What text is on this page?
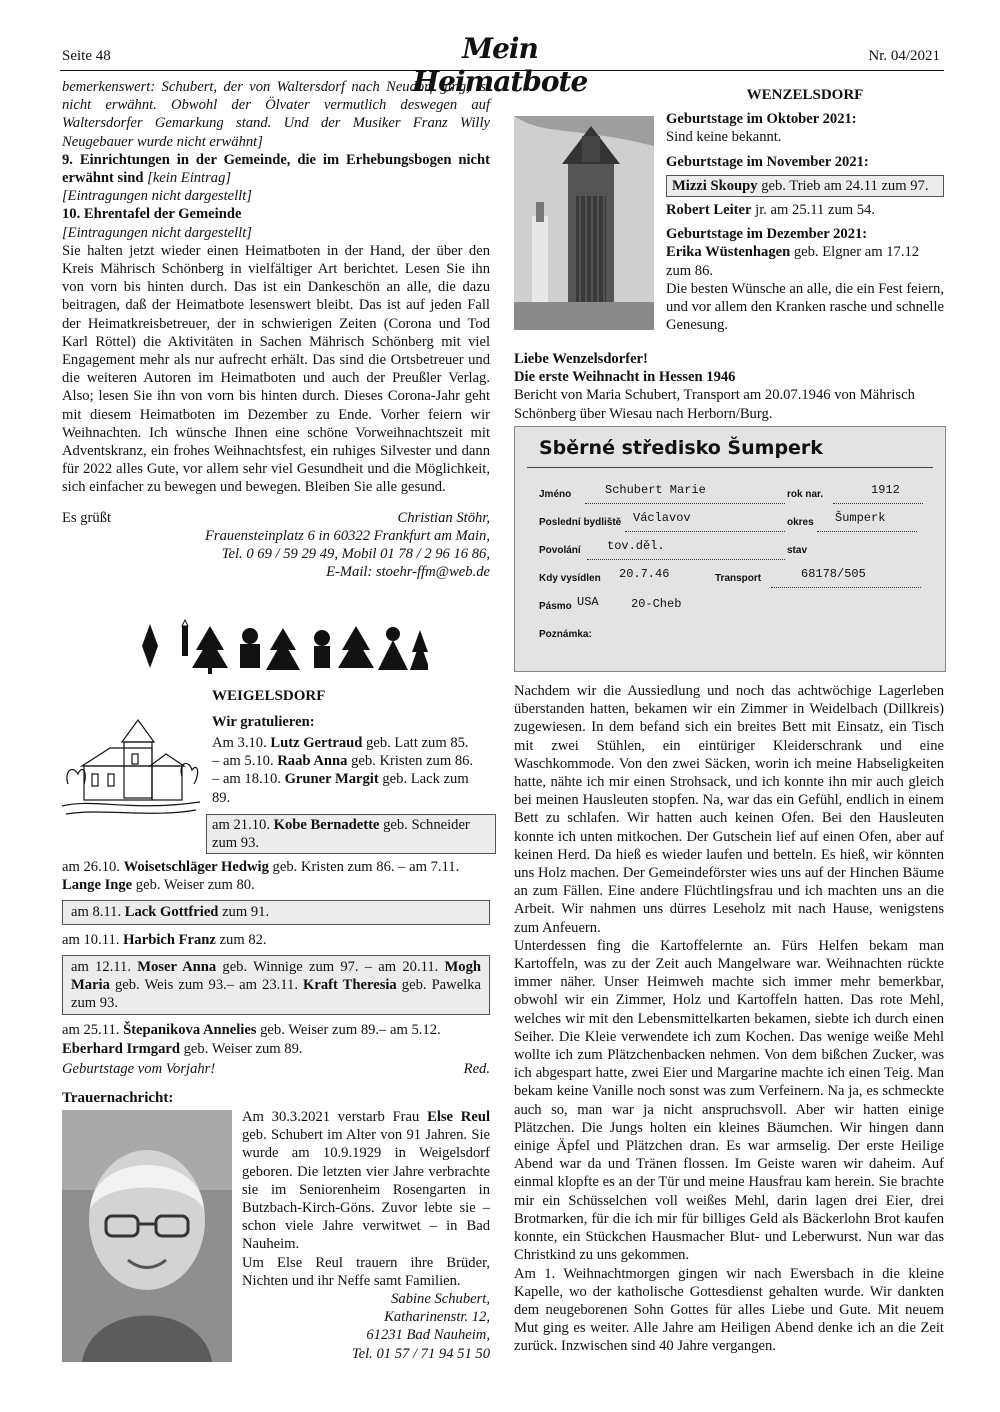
Seite 48	Mein Heimatbote
Nr. 04/2021

bemerkenswert: Schubert, der von Waltersdorf nach Neudorf ging, ist nicht erwähnt. Obwohl der Ölvater vermutlich deswegen auf Waltersdorfer Gemarkung stand. Und der Musiker Franz Willy Neugebauer wurde nicht erwähnt]

9. Einrichtungen in der Gemeinde, die im Erhebungsbogen nicht erwähnt sind [kein Eintrag]

[Eintragungen nicht dargestellt]

10. Ehrentafel der Gemeinde

[Eintragungen nicht dargestellt]

Sie halten jetzt wieder einen Heimatboten in der Hand, der über den Kreis Mährisch Schönberg in vielfältiger Art berichtet. Lesen Sie ihn von vorn bis hinten durch. Das ist ein Dankeschön an alle, die dazu beitragen, daß der Heimatbote lesenswert bleibt. Das ist auf jeden Fall der Heimatkreisbetreuer, der in schwierigen Zeiten (Corona und Tod Karl Röttel) die Aktivitäten in Sachen Mährisch Schönberg mit viel Engagement mehr als nur aufrecht erhält. Das sind die Ortsbetreuer und die weiteren Autoren im Heimatboten und auch der Preußler Verlag. Also; lesen Sie ihn von vorn bis hinten durch. Dieses Corona-Jahr geht mit diesem Heimatboten im Dezember zu Ende. Vorher feiern wir Weihnachten. Ich wünsche Ihnen eine schöne Vorweihnachtszeit mit Adventskranz, ein frohes Weihnachtsfest, ein ruhiges Silvester und dann für 2022 alles Gute, vor allem sehr viel Gesundheit und die Möglichkeit, sich einfacher zu bewegen und bewegen. Bleiben Sie alle gesund.

Es grüßt	Christian Stöhr,
Frauensteinplatz 6 in 60322 Frankfurt am Main,
Tel. 0 69 / 59 29 49, Mobil 01 78 / 2 96 16 86,
E-Mail: stoehr-ffm@web.de
WENZELSDORF
Geburtstage im Oktober 2021:
Sind keine bekannt.
Geburtstage im November 2021:
Mizzi Skoupy geb. Trieb am 24.11 zum 97.
Robert Leiter jr. am 25.11 zum 54.
Geburtstage im Dezember 2021:
Erika Wüstenhagen geb. Elgner am 17.12 zum 86.
Die besten Wünsche an alle, die ein Fest feiern, und vor allem den Kranken rasche und schnelle Genesung.
Liebe Wenzelsdorfer!
Die erste Weihnacht in Hessen 1946
Bericht von Maria Schubert, Transport am 20.07.1946 von Mährisch Schönberg über Wiesau nach Herborn/Burg.
Sběrné středisko Šumperk
Jméno	Schubert Marie	rok nar.	1912
Poslední bydliště Václavov	okres Šumperk
Povolání tov.děl.	stav
Kdy vysídlen 20.7.46	Transport	68178/505
Pásmo USA	20-Cheb
Poznámka:

Nachdem wir die Aussiedlung und noch das achtwöchige Lagerleben überstanden hatten, bekamen wir ein Zimmer in Weidelbach (Dillkreis) zugewiesen. In dem befand sich ein breites Bett mit Einsatz, ein Tisch mit zwei Stühlen, ein eintüriger Kleiderschrank und eine Waschkommode. Von den zwei Säcken, worin ich meine Habseligkeiten hatte, nähte ich mir einen Strohsack, und ich konnte ihn mir auch gleich bei meinen Hausleuten stopfen. Na, war das ein Gefühl, endlich in einem Bett zu schlafen. Wir hatten auch keinen Ofen. Bei den Hausleuten konnte ich unten mitkochen. Der Gutschein lief auf einen Ofen, aber auf keinen Herd. Da hieß es wieder laufen und betteln. Es hieß, wir könnten uns Holz machen. Der Gemeindeförster wies uns auf der Hinchen Bäume an zum Fällen. Eine andere Flüchtlingsfrau und ich machten uns an die Arbeit. Wir nahmen uns dürres Leseholz mit nach Hause, wenigstens zum Anfeuern.

Unterdessen fing die Kartoffelernte an. Fürs Helfen bekam man Kartoffeln, was zu der Zeit auch Mangelware war. Weihnachten rückte immer näher. Unser Heimweh machte sich immer mehr bemerkbar, obwohl wir ein Zimmer, Holz und Kartoffeln hatten. Das rote Mehl, welches wir mit den Lebensmittelkarten bekamen, siebte ich durch einen Seiher. Die Kleie verwendete ich zum Kochen. Das wenige weiße Mehl wollte ich zum Plätzchenbacken nehmen. Von dem bißchen Zucker, was ich abgespart hatte, zwei Eier und Margarine machte ich einen Teig. Man bekam keine Vanille noch sonst was zum Verfeinern. Na ja, es schmeckte auch so, man war ja nicht anspruchsvoll. Aber wir hatten einige Plätzchen. Die Jungs holten ein kleines Bäumchen. Wir hingen dann einige Äpfel und Plätzchen dran. Es war armselig. Der erste Heilige Abend war da und Tränen flossen. Im Geiste waren wir daheim. Auf einmal klopfte es an der Tür und meine Hausfrau kam herein. Sie brachte mir ein Schüsselchen voll weißes Mehl, darin lagen drei Eier, drei Brotmarken, für die ich mir für billiges Geld als Bäckerlohn Brot kaufen konnte, ein Stückchen Hausmacher Blut- und Leberwurst. Nun war das Christkind zu uns gekommen.

Am 1. Weihnachtmorgen gingen wir nach Ewersbach in die kleine Kapelle, wo der katholische Gottesdienst gehalten wurde. Wir dankten dem neugeborenen Sohn Gottes für alles Liebe und Gute. Mit neuem Mut ging es weiter. Alle Jahre am Heiligen Abend denke ich an die Zeit zurück. Inzwischen sind 40 Jahre vergangen.

WEIGELSDORF
Wir gratulieren:
Am 3.10. Lutz Gertraud geb. Latt zum 85.
– am 5.10. Raab Anna geb. Kristen zum 86.
– am 18.10. Gruner Margit geb. Lack zum 89.
am 21.10. Kobe Bernadette geb. Schneider zum 93.
am 26.10. Woisetschläger Hedwig geb. Kristen zum 86. – am 7.11. Lange Inge geb. Weiser zum 80.
am 8.11. Lack Gottfried zum 91.
am 10.11. Harbich Franz zum 82.
am 12.11. Moser Anna geb. Winnige zum 97. – am 20.11. Mogh Maria geb. Weis zum 93.– am 23.11. Kraft Theresia geb. Pawelka zum 93.
am 25.11. Štepanikova Annelies geb. Weiser zum 89.– am 5.12. Eberhard Irmgard geb. Weiser zum 89.
Geburtstage vom Vorjahr!	Red.
Trauernachricht:
Am 30.3.2021 verstarb Frau Else Reul geb. Schubert im Alter von 91 Jahren. Sie wurde am 10.9.1929 in Weigelsdorf geboren. Die letzten vier Jahre verbrachte sie im Seniorenheim Rosengarten in Butzbach-Kirch-Göns. Zuvor lebte sie – schon viele Jahre verwitwet – in Bad Nauheim.
Um Else Reul trauern ihre Brüder, Nichten und ihr Neffe samt Familien.
Sabine Schubert,
Katharinenstr. 12,
61231 Bad Nauheim,
Tel. 01 57 / 71 94 51 50
